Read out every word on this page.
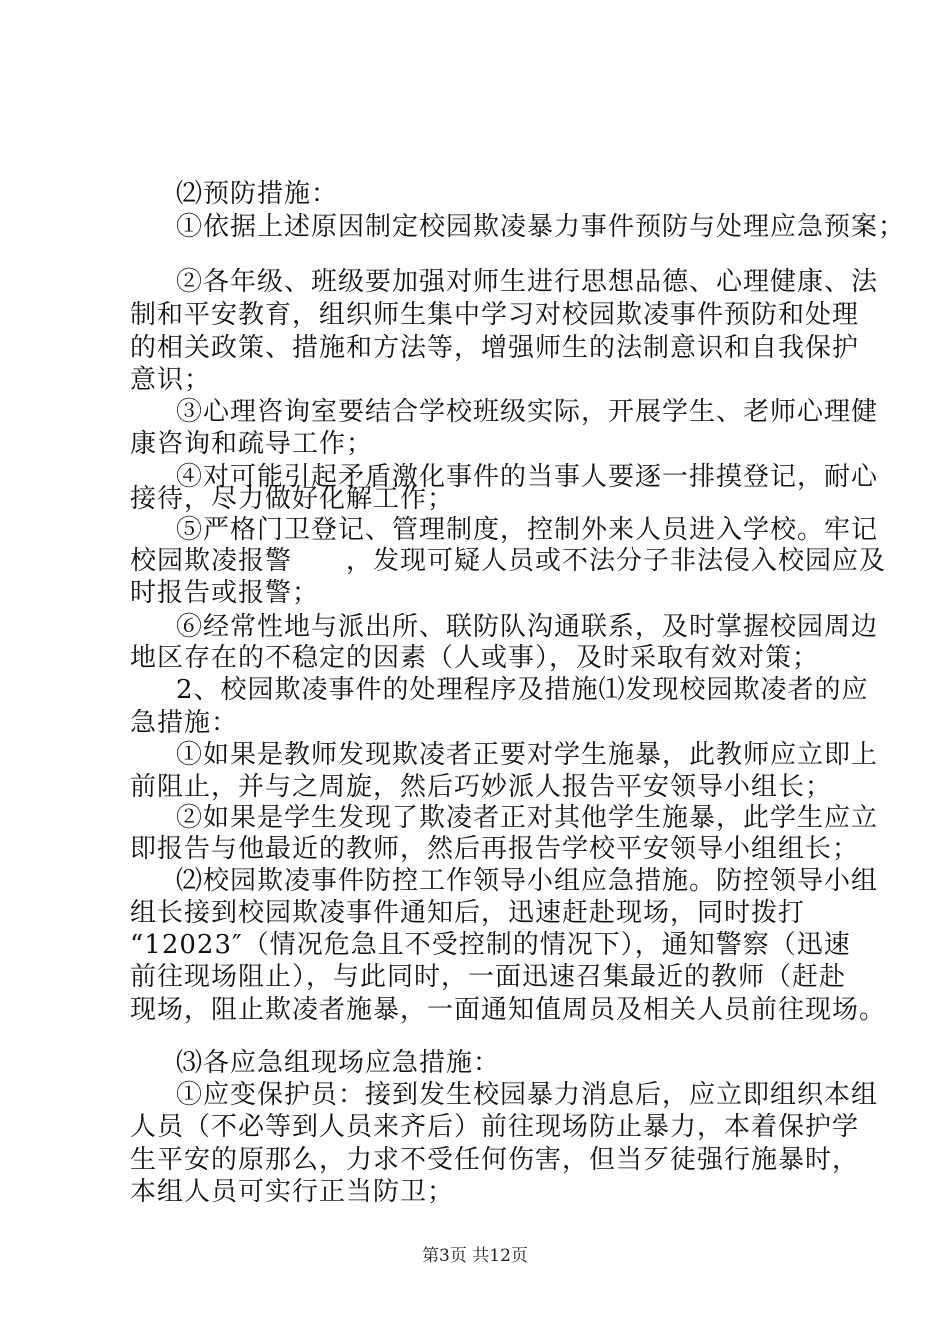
⑵预防措施：
①依据上述原因制定校园欺凌暴力事件预防与处理应急预案；
②各年级、班级要加强对师生进行思想品德、心理健康、法
制和平安教育，组织师生集中学习对校园欺凌事件预防和处理
的相关政策、措施和方法等，增强师生的法制意识和自我保护
意识；
③心理咨询室要结合学校班级实际，开展学生、老师心理健
康咨询和疏导工作；
④对可能引起矛盾激化事件的当事人要逐一排摸登记，耐心
接待，尽力做好化解工作；
⑤严格门卫登记、管理制度，控制外来人员进入学校。牢记
校园欺凌报警　　，发现可疑人员或不法分子非法侵入校园应及
时报告或报警；
⑥经常性地与派出所、联防队沟通联系，及时掌握校园周边
地区存在的不稳定的因素（人或事），及时采取有效对策；
2、校园欺凌事件的处理程序及措施⑴发现校园欺凌者的应
急措施：
①如果是教师发现欺凌者正要对学生施暴，此教师应立即上
前阻止，并与之周旋，然后巧妙派人报告平安领导小组长；
②如果是学生发现了欺凌者正对其他学生施暴，此学生应立
即报告与他最近的教师，然后再报告学校平安领导小组组长；
⑵校园欺凌事件防控工作领导小组应急措施。防控领导小组
组长接到校园欺凌事件通知后，迅速赶赴现场，同时拨打
“12023″（情况危急且不受控制的情况下），通知警察（迅速
前往现场阻止），与此同时，一面迅速召集最近的教师（赶赴
现场，阻止欺凌者施暴，一面通知值周员及相关人员前往现场。
⑶各应急组现场应急措施：
①应变保护员：接到发生校园暴力消息后，应立即组织本组
人员（不必等到人员来齐后）前往现场防止暴力，本着保护学
生平安的原那么，力求不受任何伤害，但当歹徒强行施暴时，
本组人员可实行正当防卫；
第3页 共12页
